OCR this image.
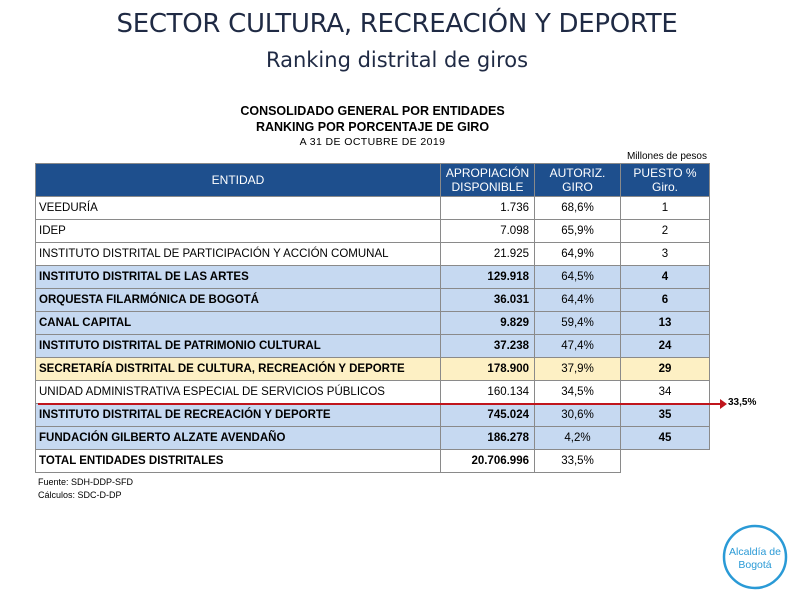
SECTOR CULTURA, RECREACIÓN Y DEPORTE
Ranking distrital de giros
CONSOLIDADO GENERAL POR ENTIDADES
RANKING POR PORCENTAJE DE GIRO
A 31 DE OCTUBRE DE 2019
Millones de pesos
ENTIDAD	APROPIACIÓN DISPONIBLE	AUTORIZ. GIRO	PUESTO % Giro.
VEEDURÍA	1.736	68,6%	1
IDEP	7.098	65,9%	2
INSTITUTO DISTRITAL DE PARTICIPACIÓN Y ACCIÓN COMUNAL	21.925	64,9%	3
INSTITUTO DISTRITAL DE LAS ARTES	129.918	64,5%	4
ORQUESTA FILARMÓNICA DE BOGOTÁ	36.031	64,4%	6
CANAL CAPITAL	9.829	59,4%	13
INSTITUTO DISTRITAL DE PATRIMONIO CULTURAL	37.238	47,4%	24
SECRETARÍA DISTRITAL DE CULTURA, RECREACIÓN Y DEPORTE	178.900	37,9%	29
UNIDAD ADMINISTRATIVA ESPECIAL DE SERVICIOS PÚBLICOS	160.134	34,5%	34
INSTITUTO DISTRITAL DE RECREACIÓN Y DEPORTE	745.024	30,6%	35
FUNDACIÓN GILBERTO ALZATE AVENDAÑO	186.278	4,2%	45
TOTAL ENTIDADES DISTRITALES	20.706.996	33,5%	
Fuente: SDH-DDP-SFD
Cálculos: SDC-D-DP
33,5%
Alcaldía de
Bogotá
